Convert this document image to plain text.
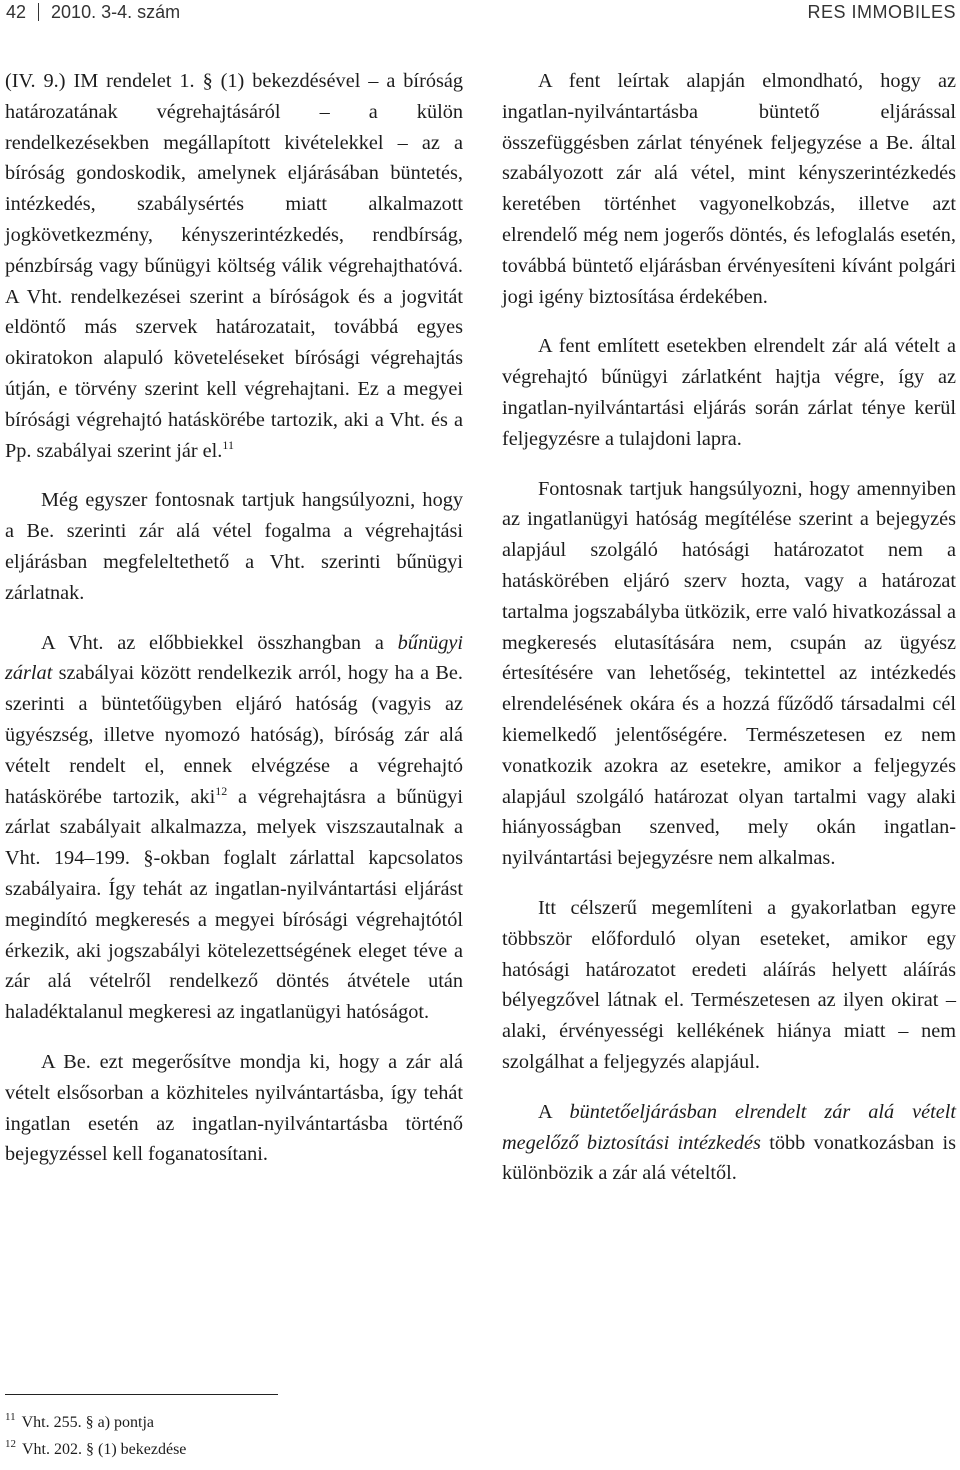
42 2010. 3-4. szám	RES IMMOBILES

(IV. 9.) IM rendelet 1. § (1) bekezdésével – a bíróság határozatának végrehajtásáról – a külön rendelkezésekben megállapított kivételekkel – az a bíróság gondoskodik, amelynek eljárásában büntetés, intézkedés, szabálysértés miatt alkalmazott jogkövetkezmény, kényszerintézkedés, rendbírság, pénzbírság vagy bűnügyi költség válik végrehajthatóvá. A Vht. rendelkezései szerint a bíróságok és a jogvitát eldöntő más szervek határozatait, továbbá egyes okiratokon alapuló követeléseket bírósági végrehajtás útján, e törvény szerint kell végrehajtani. Ez a megyei bírósági végrehajtó hatáskörébe tartozik, aki a Vht. és a Pp. szabályai szerint jár el.$^{11}$

Még egyszer fontosnak tartjuk hangsúlyozni, hogy a Be. szerinti zár alá vétel fogalma a végrehajtási eljárásban megfeleltethető a Vht. szerinti bűnügyi zárlatnak.

A Vht. az előbbiekkel összhangban a bűnügyi zárlat szabályai között rendelkezik arról, hogy ha a Be. szerinti a büntetőügyben eljáró hatóság (vagyis az ügyészség, illetve nyomozó hatóság), bíróság zár alá vételt rendelt el, ennek elvégzése a végrehajtó hatáskörébe tartozik, aki$^{12}$ a végrehajtásra a bűnügyi zárlat szabályait alkalmazza, melyek viszszautalnak a Vht. 194–199. §-okban foglalt zárlattal kapcsolatos szabályaira. Így tehát az ingatlan-nyilvántartási eljárást megindító megkeresés a megyei bírósági végrehajtótól érkezik, aki jogszabályi kötelezettségének eleget téve a zár alá vételről rendelkező döntés átvétele után haladéktalanul megkeresi az ingatlanügyi hatóságot.

A Be. ezt megerősítve mondja ki, hogy a zár alá vételt elsősorban a közhiteles nyilvántartásba, így tehát ingatlan esetén az ingatlan-nyilvántartásba történő bejegyzéssel kell foganatosítani.

A fent leírtak alapján elmondható, hogy az ingatlan-nyilvántartásba büntető eljárással összefüggésben zárlat tényének feljegyzése a Be. által szabályozott zár alá vétel, mint kényszerintézkedés keretében történhet vagyonelkobzás, illetve azt elrendelő még nem jogerős döntés, és lefoglalás esetén, továbbá büntető eljárásban érvényesíteni kívánt polgári jogi igény biztosítása érdekében.

A fent említett esetekben elrendelt zár alá vételt a végrehajtó bűnügyi zárlatként hajtja végre, így az ingatlan-nyilvántartási eljárás során zárlat ténye kerül feljegyzésre a tulajdoni lapra.

Fontosnak tartjuk hangsúlyozni, hogy amennyiben az ingatlanügyi hatóság megítélése szerint a bejegyzés alapjául szolgáló hatósági határozatot nem a hatáskörében eljáró szerv hozta, vagy a határozat tartalma jogszabályba ütközik, erre való hivatkozással a megkeresés elutasítására nem, csupán az ügyész értesítésére van lehetőség, tekintettel az intézkedés elrendelésének okára és a hozzá fűződő társadalmi cél kiemelkedő jelentőségére. Természetesen ez nem vonatkozik azokra az esetekre, amikor a feljegyzés alapjául szolgáló határozat olyan tartalmi vagy alaki hiányosságban szenved, mely okán ingatlan-nyilvántartási bejegyzésre nem alkalmas.

Itt célszerű megemlíteni a gyakorlatban egyre többször előforduló olyan eseteket, amikor egy hatósági határozatot eredeti aláírás helyett aláírás bélyegzővel látnak el. Természetesen az ilyen okirat – alaki, érvényességi kellékének hiánya miatt – nem szolgálhat a feljegyzés alapjául.

A büntetőeljárásban elrendelt zár alá vételt megelőző biztosítási intézkedés több vonatkozásban is különbözik a zár alá vételtől.

$^{11}$ Vht. 255. § a) pontja
$^{12}$ Vht. 202. § (1) bekezdése
